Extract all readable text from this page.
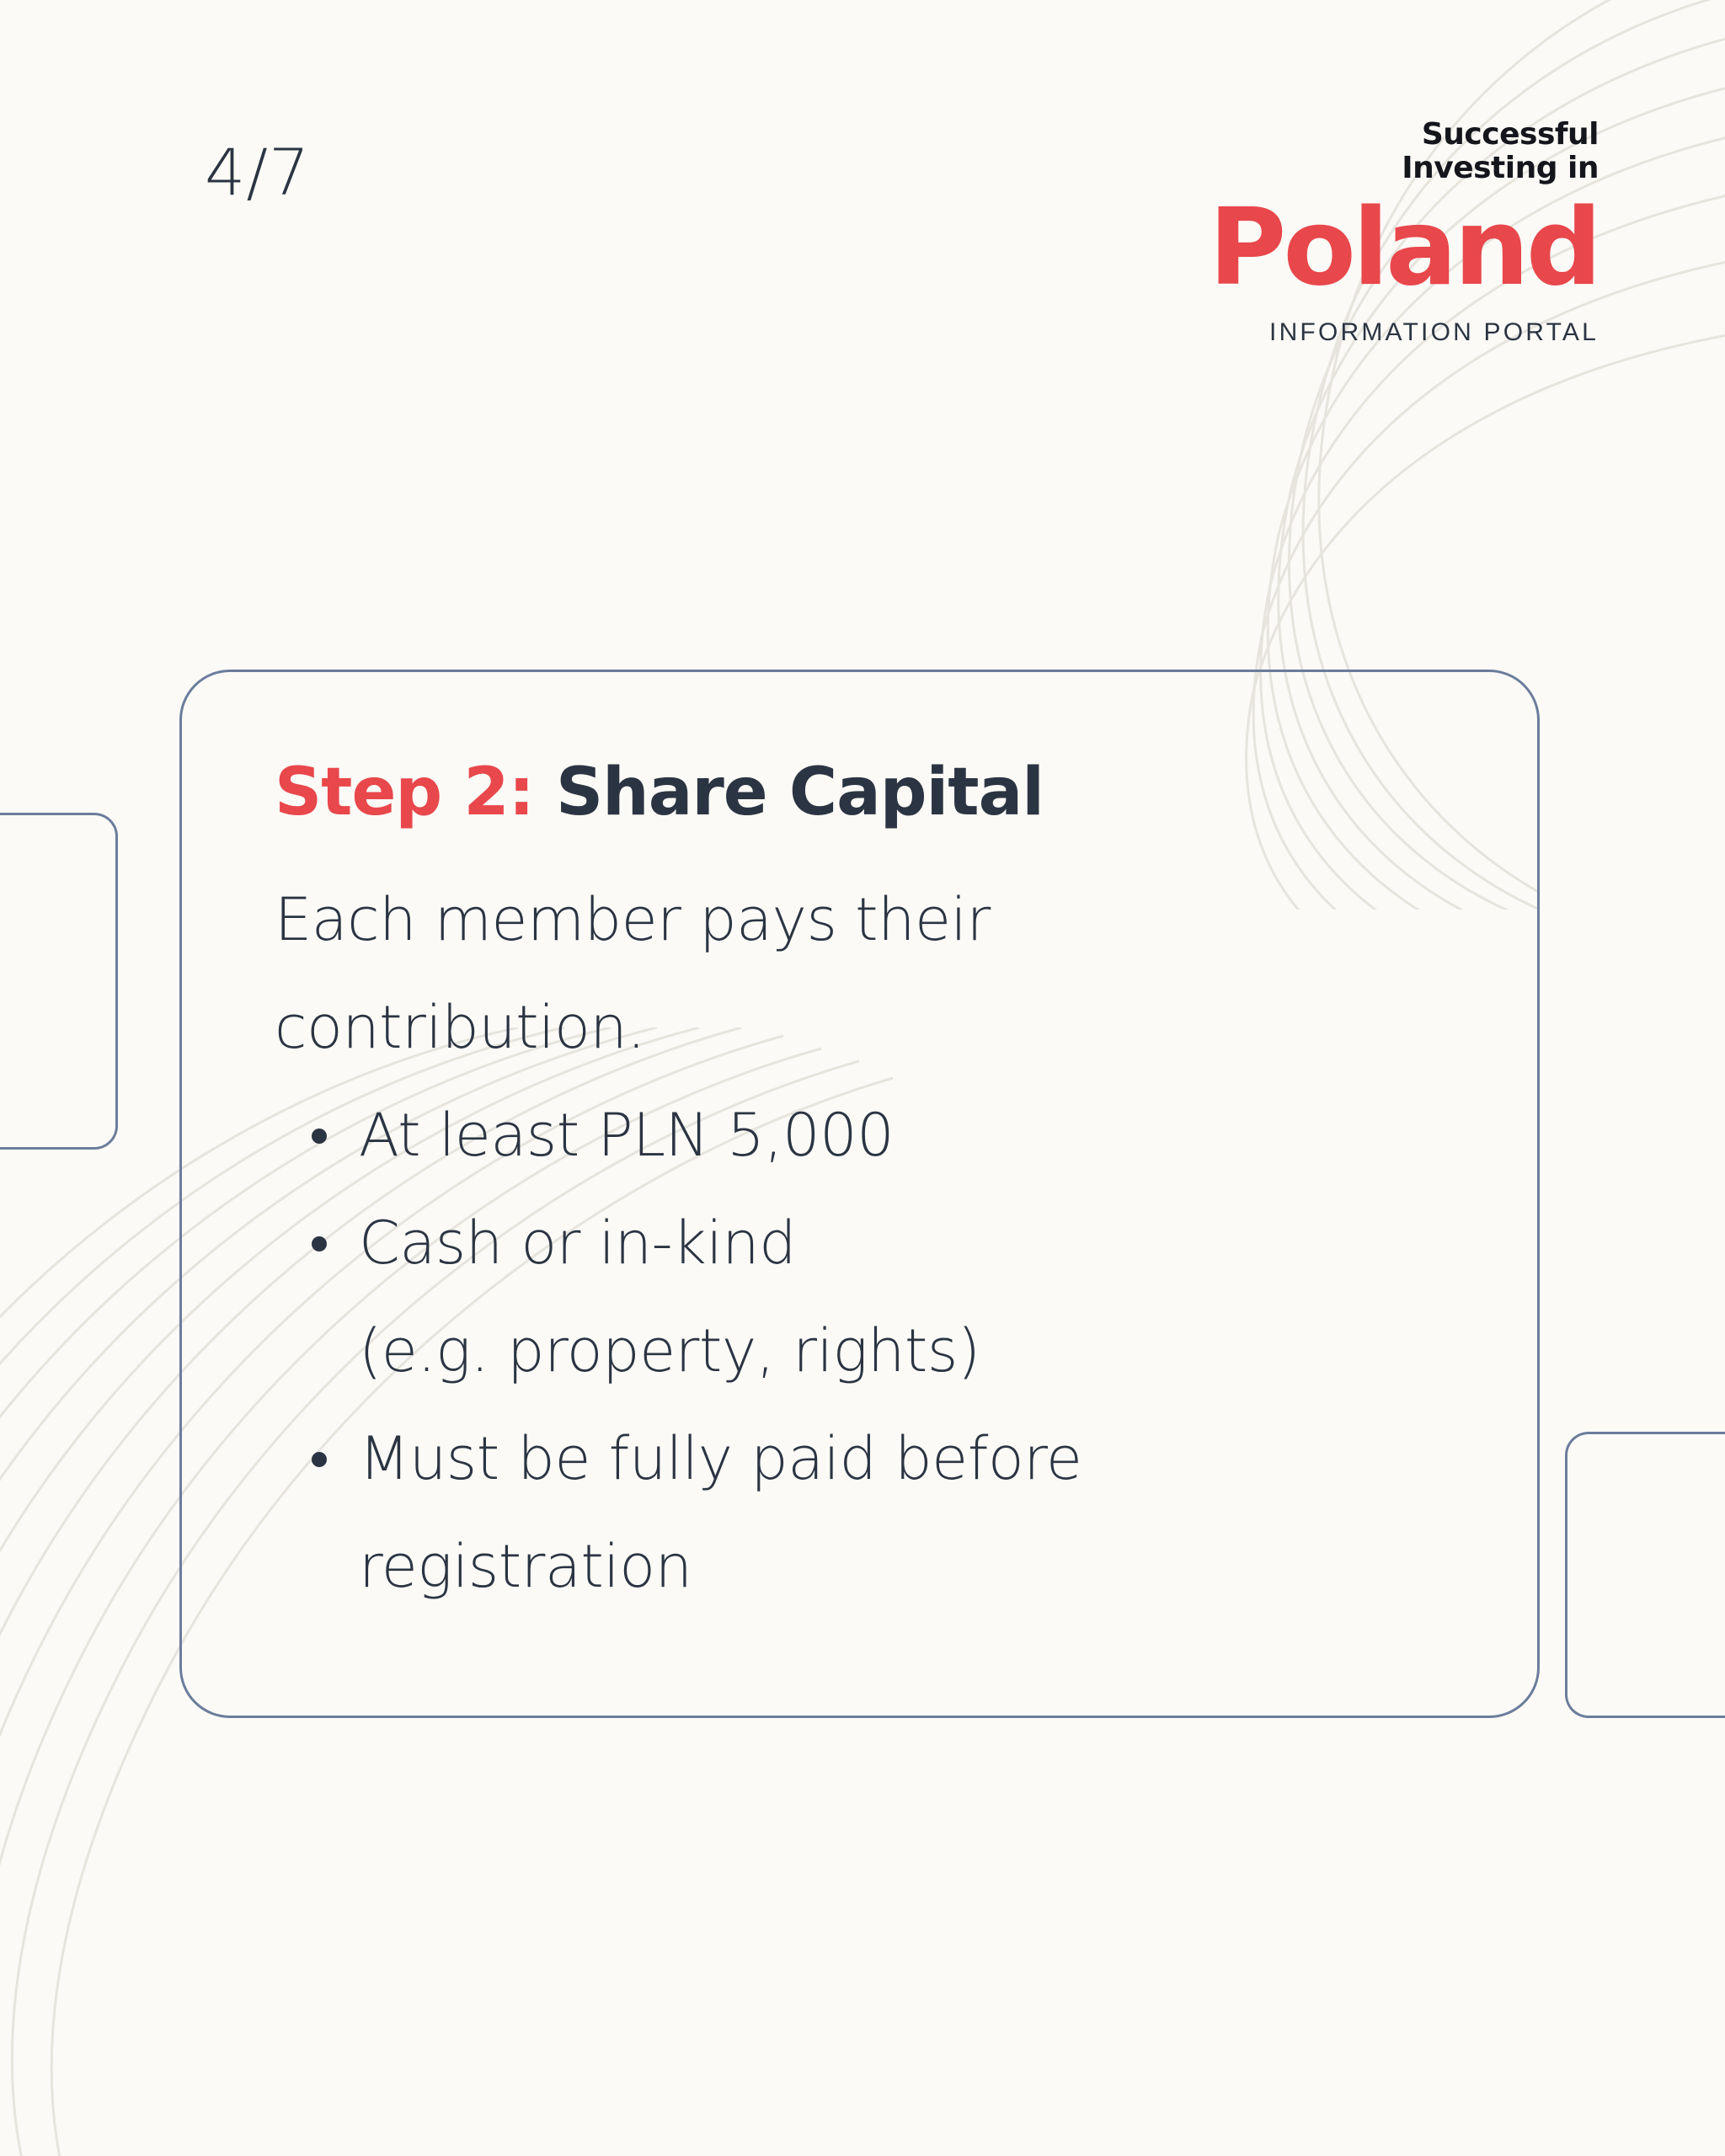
4/7
Successful
Investing in
Poland
INFORMATION PORTAL
Step 2: Share Capital

Each member pays their contribution.

At least PLN 5,000
Cash or in-kind
(e.g. property, rights)
Must be fully paid before
registration
